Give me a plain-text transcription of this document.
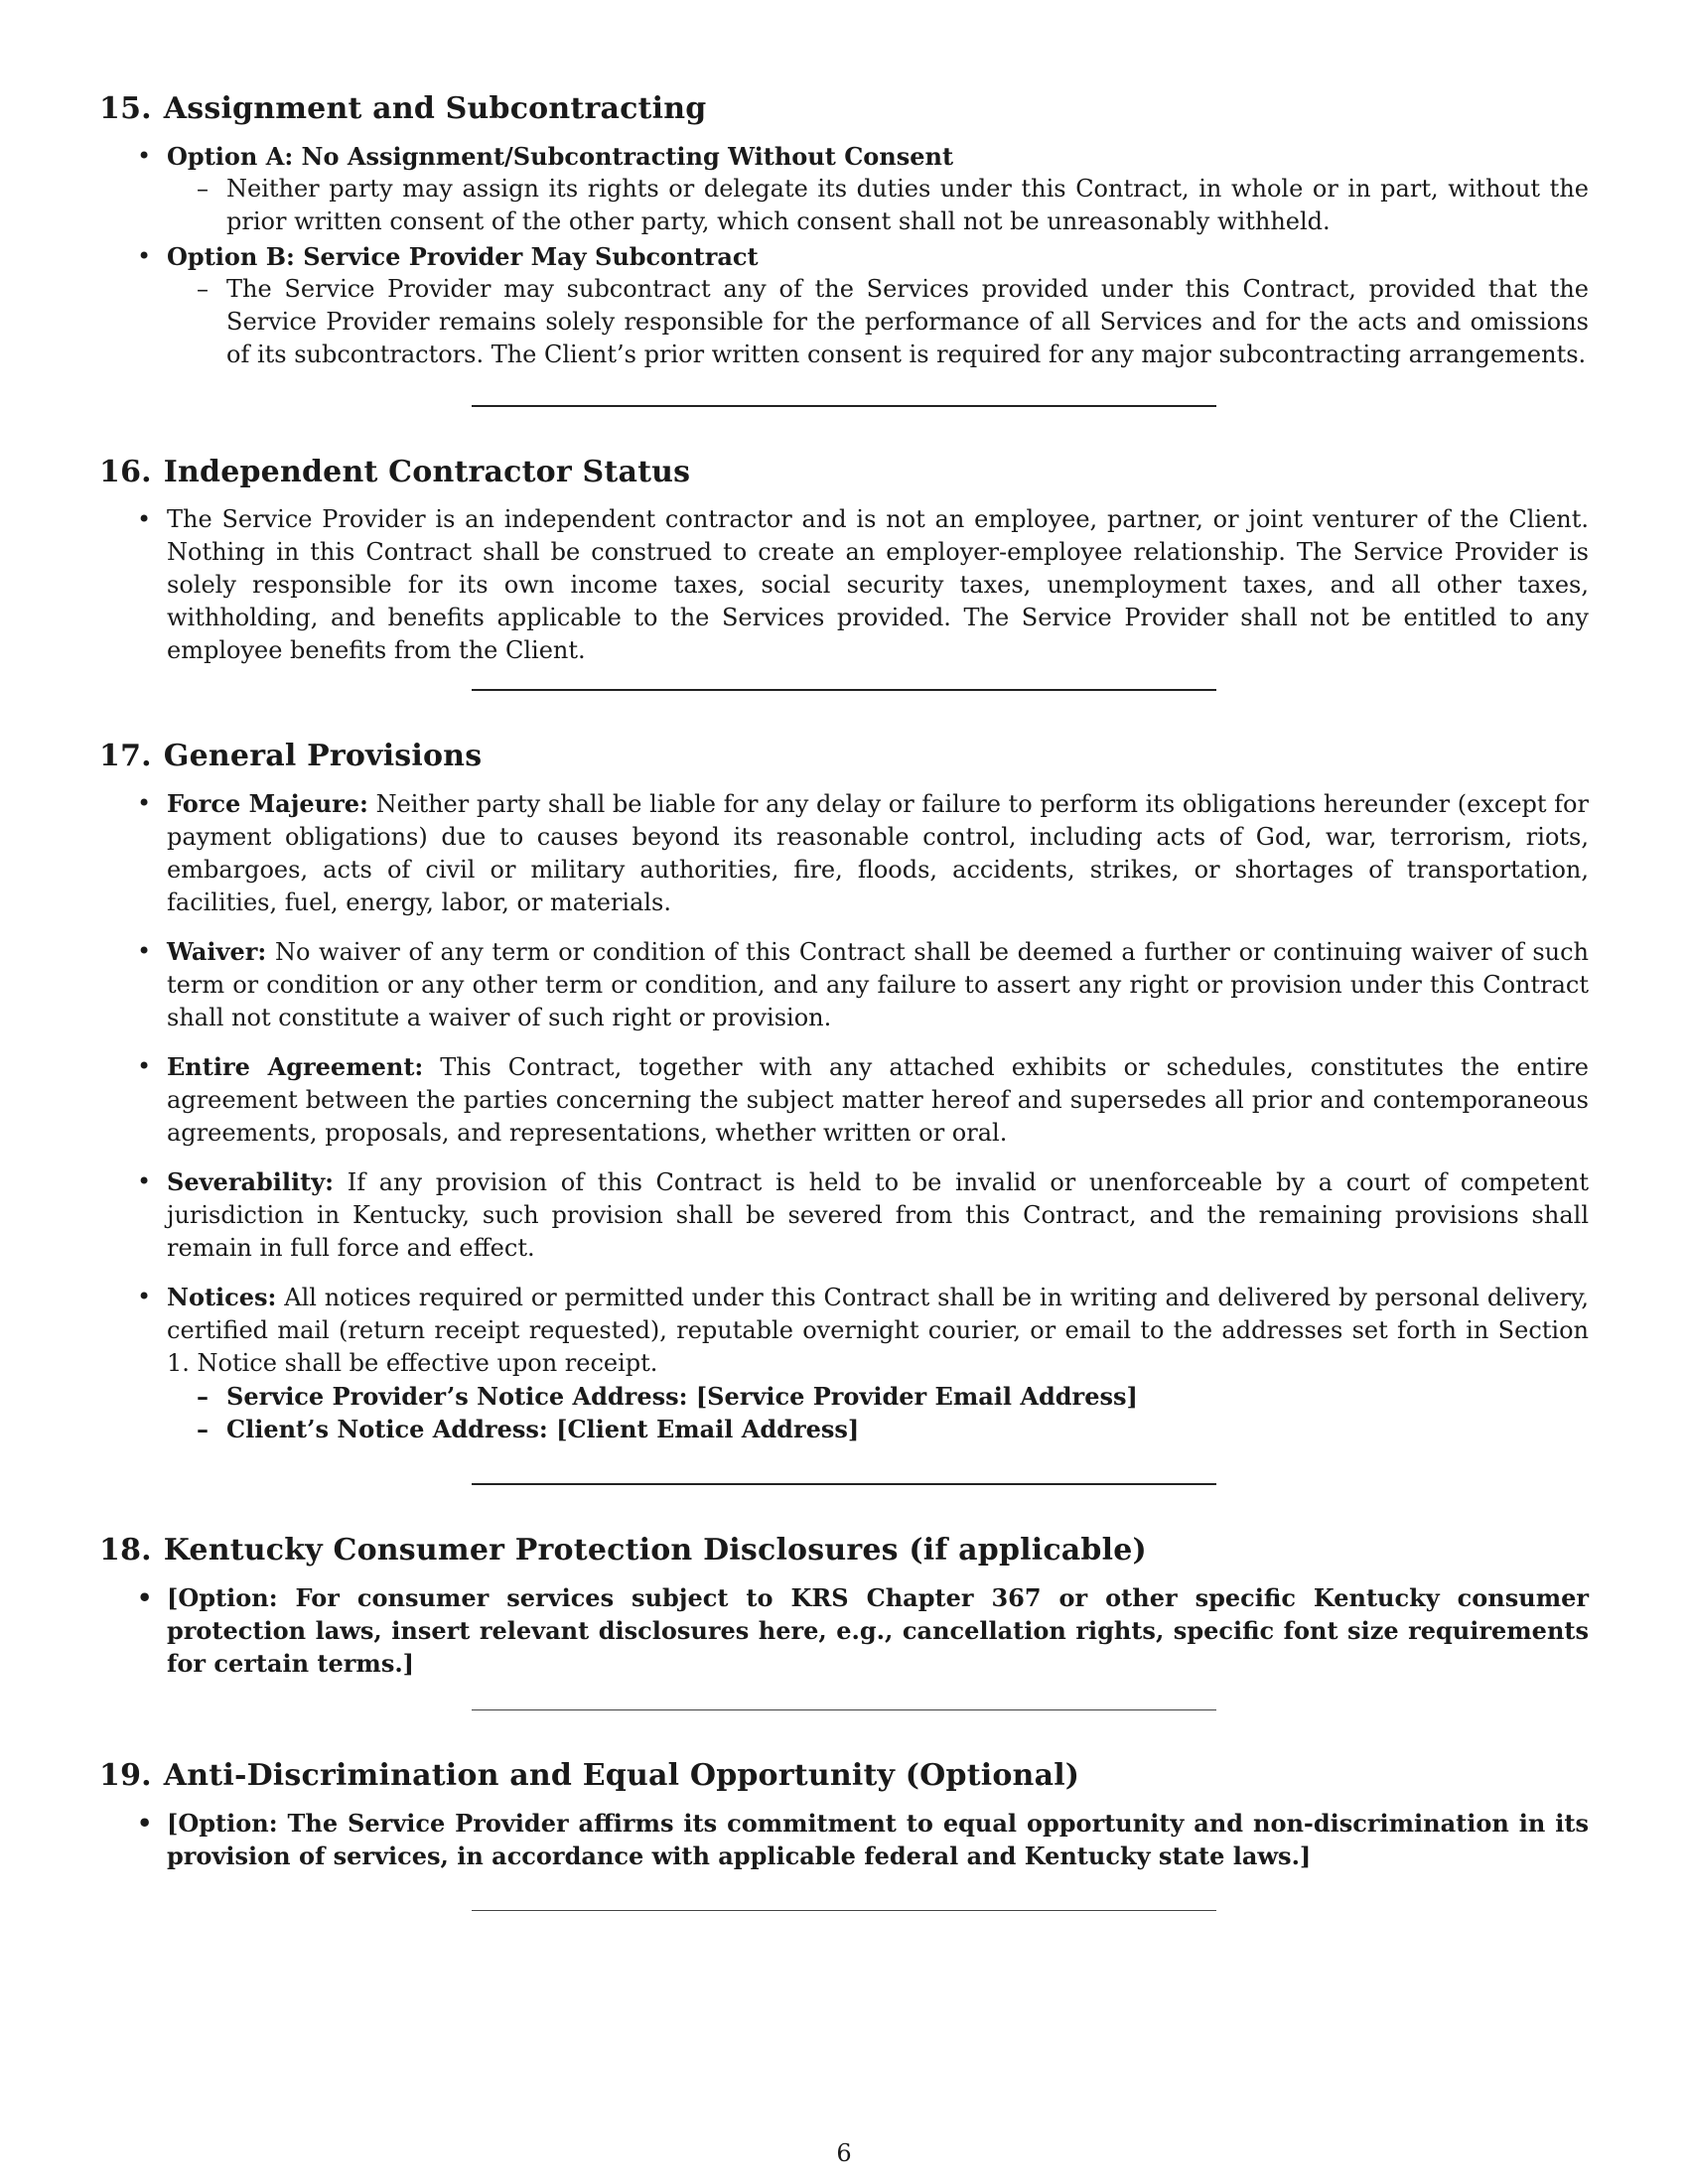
15. Assignment and Subcontracting
• Option A: No Assignment/Subcontracting Without Consent
– Neither party may assign its rights or delegate its duties under this Contract, in whole or in part, without the prior written consent of the other party, which consent shall not be unreasonably withheld.
• Option B: Service Provider May Subcontract
– The Service Provider may subcontract any of the Services provided under this Contract, provided that the Service Provider remains solely responsible for the performance of all Services and for the acts and omissions of its subcontractors. The Client’s prior written consent is required for any major subcontracting arrangements.
16. Independent Contractor Status
• The Service Provider is an independent contractor and is not an employee, partner, or joint venturer of the Client. Nothing in this Contract shall be construed to create an employer-employee relationship. The Service Provider is solely responsible for its own income taxes, social security taxes, unemployment taxes, and all other taxes, withholding, and benefits applicable to the Services provided. The Service Provider shall not be entitled to any employee benefits from the Client.
17. General Provisions
• Force Majeure: Neither party shall be liable for any delay or failure to perform its obligations hereunder (except for payment obligations) due to causes beyond its reasonable control, including acts of God, war, terrorism, riots, embargoes, acts of civil or military authorities, fire, floods, accidents, strikes, or shortages of transportation, facilities, fuel, energy, labor, or materials.
• Waiver: No waiver of any term or condition of this Contract shall be deemed a further or continuing waiver of such term or condition or any other term or condition, and any failure to assert any right or provision under this Contract shall not constitute a waiver of such right or provision.
• Entire Agreement: This Contract, together with any attached exhibits or schedules, constitutes the entire agreement between the parties concerning the subject matter hereof and supersedes all prior and contemporaneous agreements, proposals, and representations, whether written or oral.
• Severability: If any provision of this Contract is held to be invalid or unenforceable by a court of competent jurisdiction in Kentucky, such provision shall be severed from this Contract, and the remaining provisions shall remain in full force and effect.
• Notices: All notices required or permitted under this Contract shall be in writing and delivered by personal delivery, certified mail (return receipt requested), reputable overnight courier, or email to the addresses set forth in Section 1. Notice shall be effective upon receipt.
– Service Provider’s Notice Address: [Service Provider Email Address]
– Client’s Notice Address: [Client Email Address]
18. Kentucky Consumer Protection Disclosures (if applicable)
• [Option: For consumer services subject to KRS Chapter 367 or other specific Kentucky consumer protection laws, insert relevant disclosures here, e.g., cancellation rights, specific font size requirements for certain terms.]
19. Anti-Discrimination and Equal Opportunity (Optional)
• [Option: The Service Provider affirms its commitment to equal opportunity and non-discrimination in its provision of services, in accordance with applicable federal and Kentucky state laws.]
6
